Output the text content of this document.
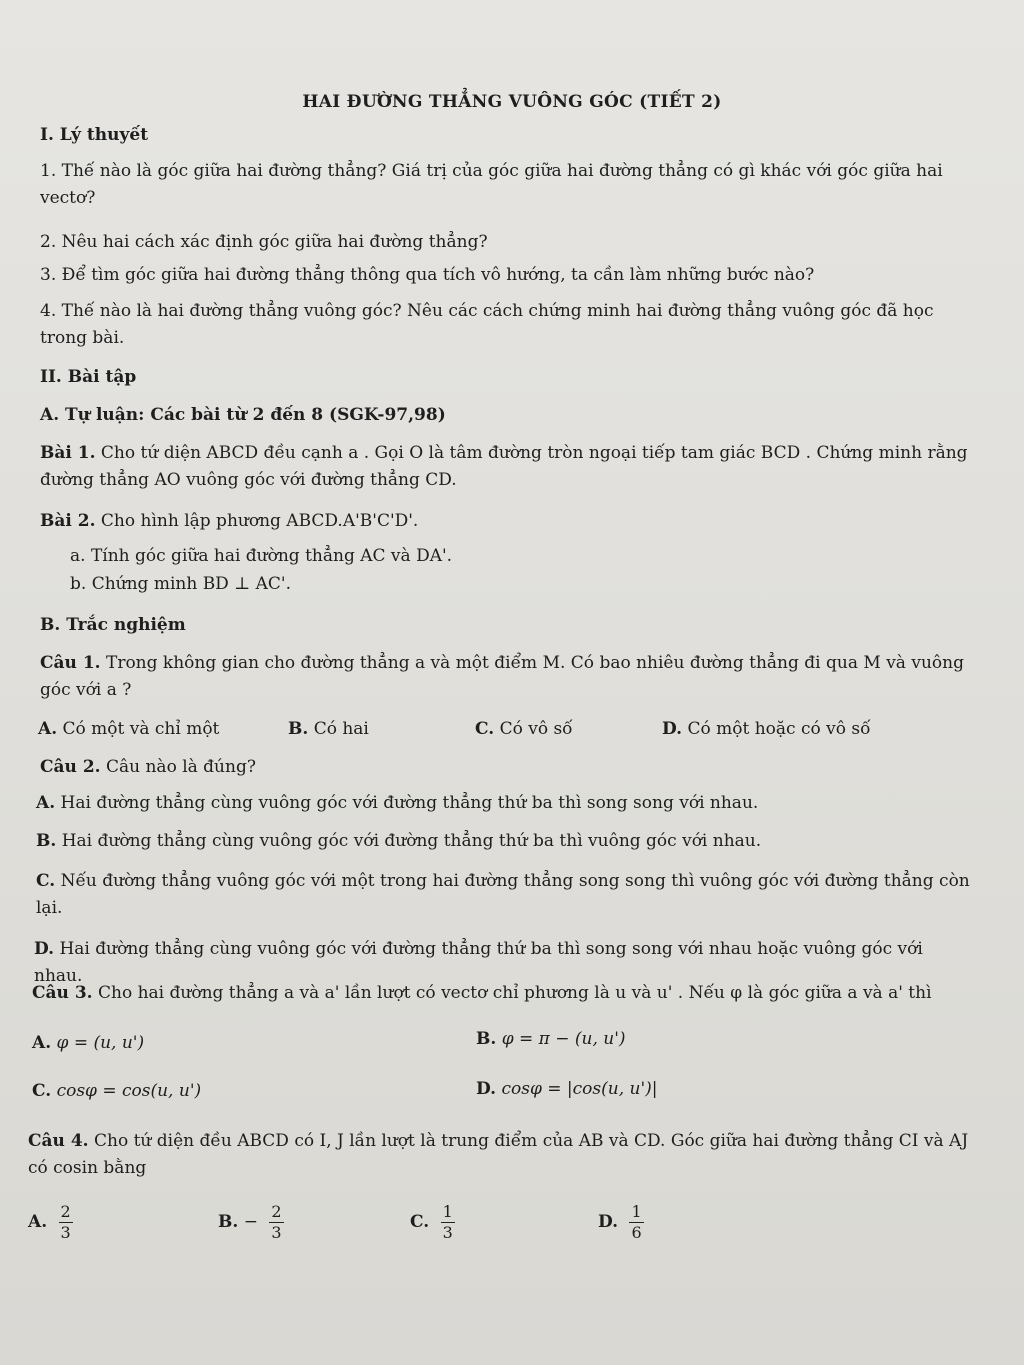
HAI ĐƯỜNG THẲNG VUÔNG GÓC (TIẾT 2)
I. Lý thuyết
1. Thế nào là góc giữa hai đường thẳng? Giá trị của góc giữa hai đường thẳng có gì khác với góc giữa hai vectơ?
2. Nêu hai cách xác định góc giữa hai đường thẳng?
3. Để tìm góc giữa hai đường thẳng thông qua tích vô hướng, ta cần làm những bước nào?
4. Thế nào là hai đường thẳng vuông góc? Nêu các cách chứng minh hai đường thẳng vuông góc đã học trong bài.
II. Bài tập
A. Tự luận: Các bài từ 2 đến 8 (SGK-97,98)
Bài 1. Cho tứ diện ABCD đều cạnh a . Gọi O là tâm đường tròn ngoại tiếp tam giác BCD . Chứng minh rằng đường thẳng AO vuông góc với đường thẳng CD.
Bài 2. Cho hình lập phương ABCD.A'B'C'D'.
a. Tính góc giữa hai đường thẳng AC và DA'.
b. Chứng minh BD ⊥ AC'.
B. Trắc nghiệm
Câu 1. Trong không gian cho đường thẳng a và một điểm M. Có bao nhiêu đường thẳng đi qua M và vuông góc với a ?
A. Có một và chỉ một	B. Có hai	C. Có vô số	D. Có một hoặc có vô số
Câu 2. Câu nào là đúng?
A. Hai đường thẳng cùng vuông góc với đường thẳng thứ ba thì song song với nhau.
B. Hai đường thẳng cùng vuông góc với đường thẳng thứ ba thì vuông góc với nhau.
C. Nếu đường thẳng vuông góc với một trong hai đường thẳng song song thì vuông góc với đường thẳng còn lại.
D. Hai đường thẳng cùng vuông góc với đường thẳng thứ ba thì song song với nhau hoặc vuông góc với nhau.
Câu 3. Cho hai đường thẳng a và a' lần lượt có vectơ chỉ phương là u và u' . Nếu φ là góc giữa a và a' thì
A. φ = (u, u')	B. φ = π − (u, u')
C. cosφ = cos(u, u')	D. cosφ = |cos(u, u')|
Câu 4. Cho tứ diện đều ABCD có I, J lần lượt là trung điểm của AB và CD. Góc giữa hai đường thẳng CI và AJ có cosin bằng
A. $\frac{2}{3}$	B. − $\frac{2}{3}$	C. $\frac{1}{3}$	D. $\frac{1}{6}$
